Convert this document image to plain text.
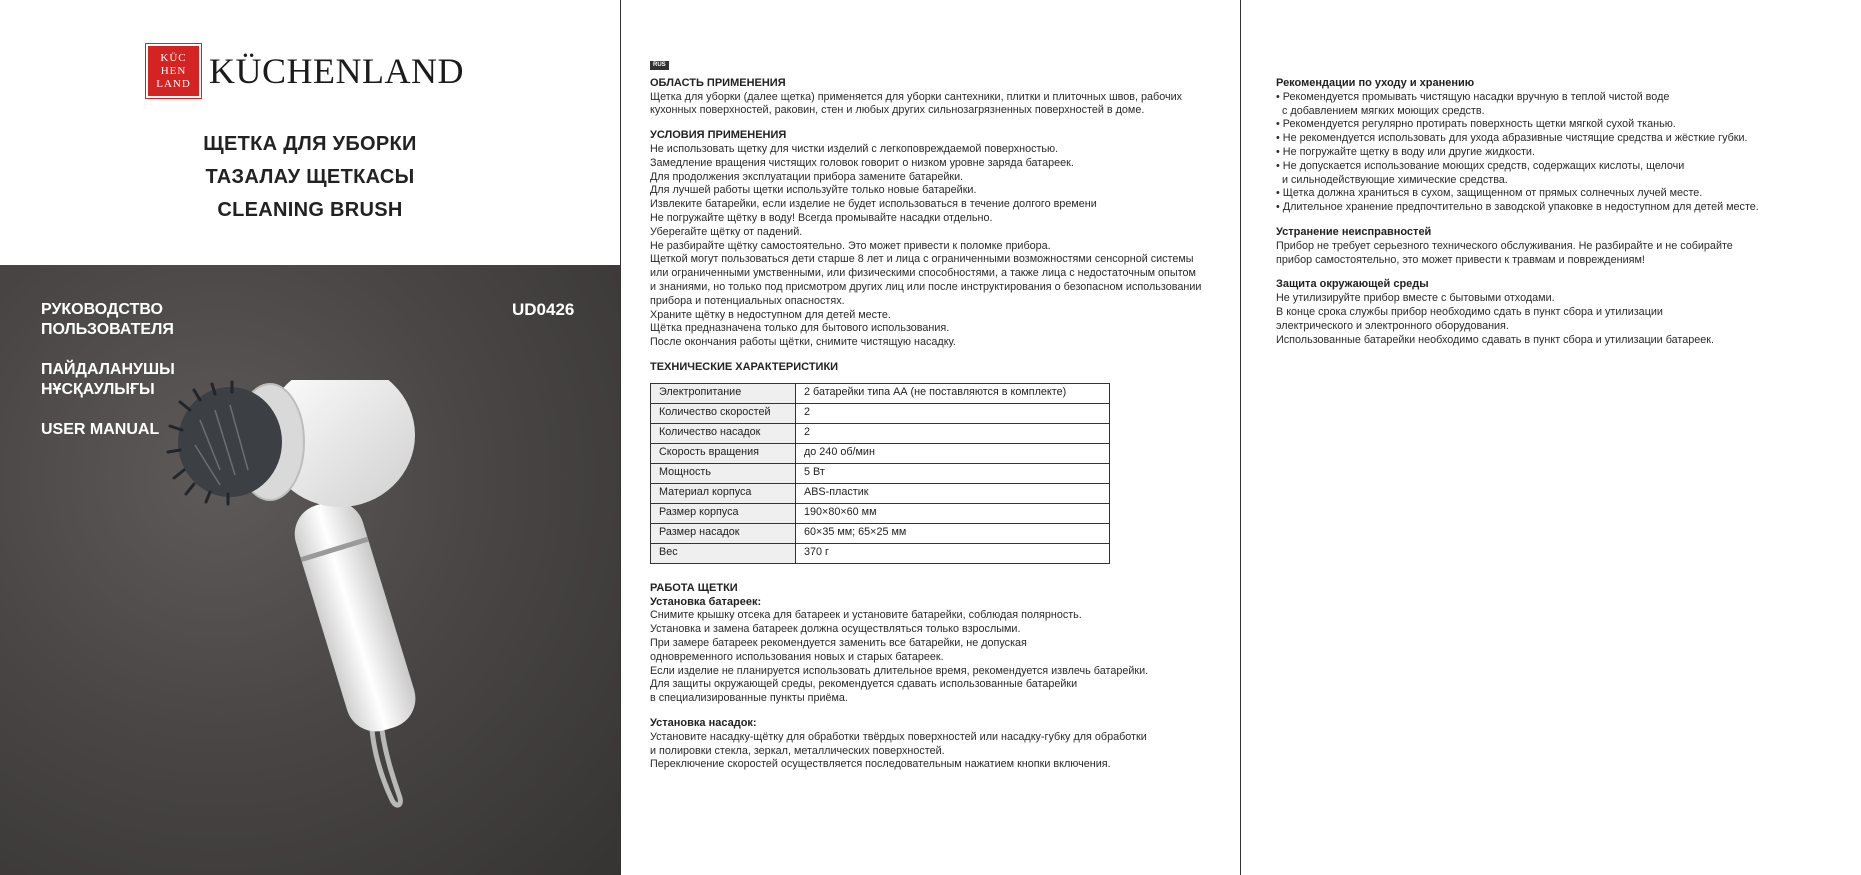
KÜC
HEN
LAND KÜCHENLAND
ЩЕТКА ДЛЯ УБОРКИ
ТАЗАЛАУ ЩЕТКАСЫ
CLEANING BRUSH
РУКОВОДСТВО
ПОЛЬЗОВАТЕЛЯ
ПАЙДАЛАНУШЫ
НҰСҚАУЛЫҒЫ
USER MANUAL
UD0426
RUS
ОБЛАСТЬ ПРИМЕНЕНИЯ
Щетка для уборки (далее щетка) применяется для уборки сантехники, плитки и плиточных швов, рабочих
кухонных поверхностей, раковин, стен и любых других сильнозагрязненных поверхностей в доме.
УСЛОВИЯ ПРИМЕНЕНИЯ
Не использовать щетку для чистки изделий с легкоповреждаемой поверхностью.
Замедление вращения чистящих головок говорит о низком уровне заряда батареек.
Для продолжения эксплуатации прибора замените батарейки.
Для лучшей работы щетки используйте только новые батарейки.
Извлеките батарейки, если изделие не будет использоваться в течение долгого времени
Не погружайте щётку в воду! Всегда промывайте насадки отдельно.
Уберегайте щётку от падений.
Не разбирайте щётку самостоятельно. Это может привести к поломке прибора.
Щеткой могут пользоваться дети старше 8 лет и лица с ограниченными возможностями сенсорной системы
или ограниченными умственными, или физическими способностями, а также лица с недостаточным опытом
и знаниями, но только под присмотром других лиц или после инструктирования о безопасном использовании
прибора и потенциальных опасностях.
Храните щётку в недоступном для детей месте.
Щётка предназначена только для бытового использования.
После окончания работы щётки, снимите чистящую насадку.
ТЕХНИЧЕСКИЕ ХАРАКТЕРИСТИКИ
Электропитание	2 батарейки типа АА (не поставляются в комплекте)
Количество скоростей	2
Количество насадок	2
Скорость вращения	до 240 об/мин
Мощность	5 Вт
Материал корпуса	ABS-пластик
Размер корпуса	190×80×60 мм
Размер насадок	60×35 мм; 65×25 мм
Вес	370 г
РАБОТА ЩЕТКИ
Установка батареек:
Снимите крышку отсека для батареек и установите батарейки, соблюдая полярность.
Установка и замена батареек должна осуществляться только взрослыми.
При замере батареек рекомендуется заменить все батарейки, не допуская
одновременного использования новых и старых батареек.
Если изделие не планируется использовать длительное время, рекомендуется извлечь батарейки.
Для защиты окружающей среды, рекомендуется сдавать использованные батарейки
в специализированные пункты приёма.
Установка насадок:
Установите насадку-щётку для обработки твёрдых поверхностей или насадку-губку для обработки
и полировки стекла, зеркал, металлических поверхностей.
Переключение скоростей осуществляется последовательным нажатием кнопки включения.
Рекомендации по уходу и хранению
• Рекомендуется промывать чистящую насадки вручную в теплой чистой воде
с добавлением мягких моющих средств.
• Рекомендуется регулярно протирать поверхность щетки мягкой сухой тканью.
• Не рекомендуется использовать для ухода абразивные чистящие средства и жёсткие губки.
• Не погружайте щетку в воду или другие жидкости.
• Не допускается использование моющих средств, содержащих кислоты, щелочи
и сильнодействующие химические средства.
• Щетка должна храниться в сухом, защищенном от прямых солнечных лучей месте.
• Длительное хранение предпочтительно в заводской упаковке в недоступном для детей месте.
Устранение неисправностей
Прибор не требует серьезного технического обслуживания. Не разбирайте и не собирайте
прибор самостоятельно, это может привести к травмам и повреждениям!
Защита окружающей среды
Не утилизируйте прибор вместе с бытовыми отходами.
В конце срока службы прибор необходимо сдать в пункт сбора и утилизации
электрического и электронного оборудования.
Использованные батарейки необходимо сдавать в пункт сбора и утилизации батареек.
